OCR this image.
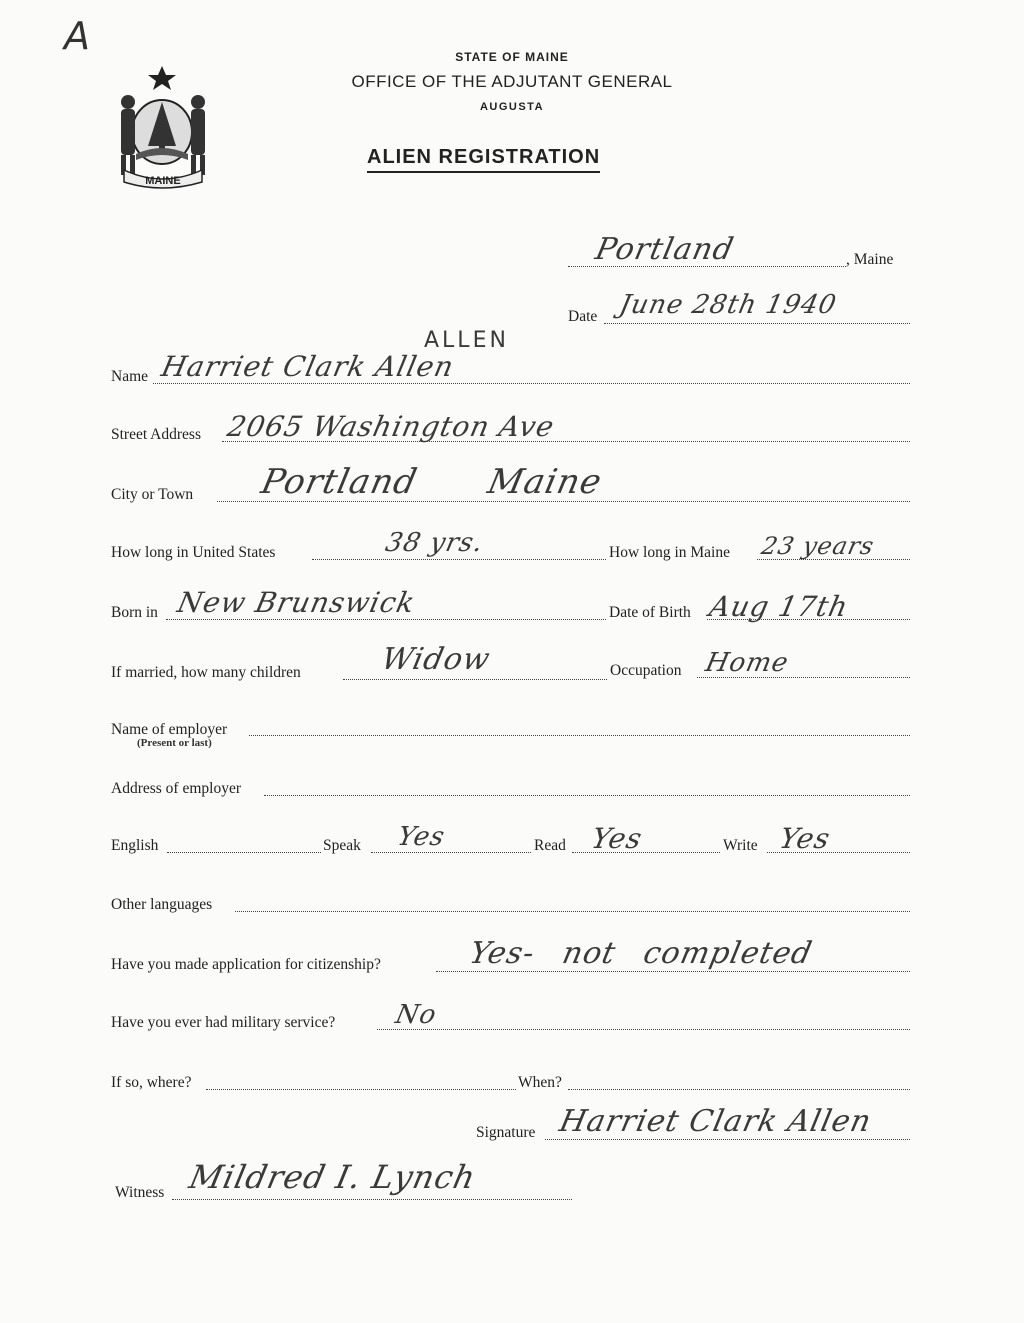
A
MAINE
STATE OF MAINE
OFFICE OF THE ADJUTANT GENERAL
AUGUSTA
ALIEN REGISTRATION
Portland	, Maine
Date June 28th 1940
ALLEN
Name Harriet Clark Allen
Street Address 2065 Washington Ave
City or Town Portland Maine
How long in United States	38 yrs.	How long in Maine 23 years
Born in New Brunswick	Date of Birth Aug 17th
If married, how many children	Widow	Occupation Home
Name of employer
(Present or last)
Address of employer
English	Speak Yes	Read Yes	Write Yes
Other languages
Have you made application for citizenship?	Yes- not completed
Have you ever had military service? No
If so, where?	When?
Signature Harriet Clark Allen
Witness Mildred I. Lynch
